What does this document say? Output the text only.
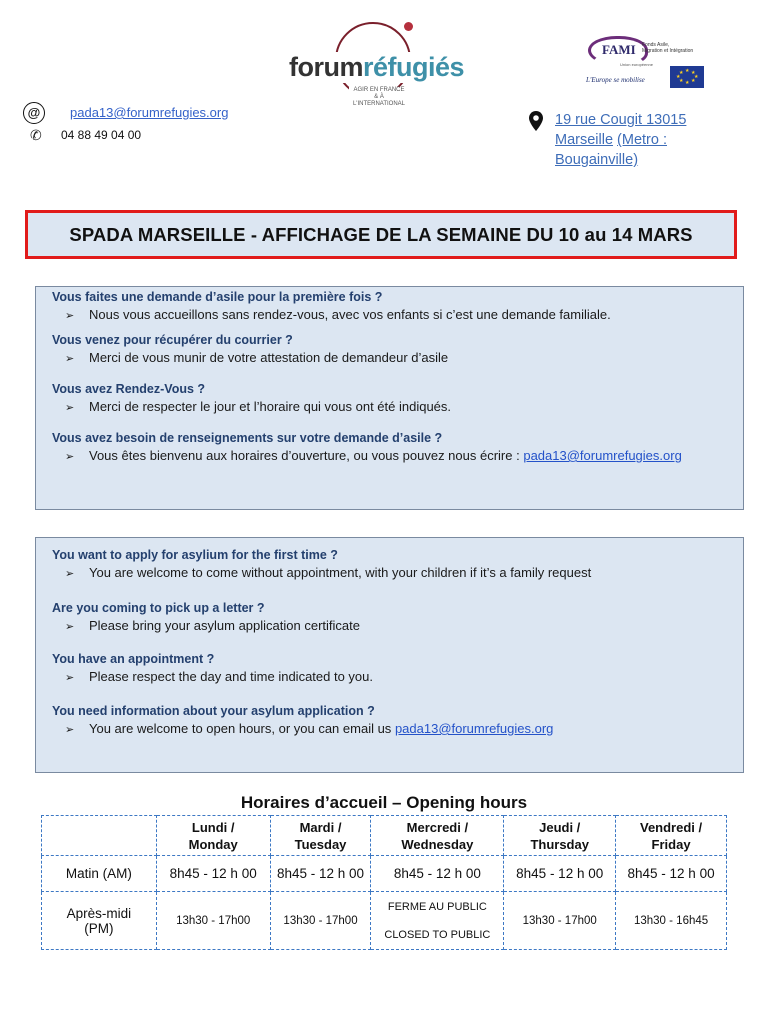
forumréfugiés
AGIR EN FRANCE
& À L'INTERNATIONAL
FAMI Fonds Asile,
Migration et Intégration
Union européenne
L'Europe se mobilise
★ ★
★
★
★
★
★
★
@	pada13@forumrefugies.org
✆ 04 88 49 04 00
19 rue Cougit 13015
Marseille (Metro :
Bougainville)
SPADA MARSEILLE - AFFICHAGE DE LA SEMAINE DU 10 au 14 MARS
Vous faites une demande d’asile pour la première fois ?
➢ Nous vous accueillons sans rendez-vous, avec vos enfants si c’est une demande familiale.
Vous venez pour récupérer du courrier ?
➢ Merci de vous munir de votre attestation de demandeur d’asile
Vous avez Rendez-Vous ?
➢ Merci de respecter le jour et l’horaire qui vous ont été indiqués.
Vous avez besoin de renseignements sur votre demande d’asile ?
➢ Vous êtes bienvenu aux horaires d’ouverture, ou vous pouvez nous écrire : pada13@forumrefugies.org
You want to apply for asylium for the first time ?
➢ You are welcome to come without appointment, with your children if it’s a family request
Are you coming to pick up a letter ?
➢ Please bring your asylum application certificate
You have an appointment ?
➢ Please respect the day and time indicated to you.
You need information about your asylum application ?
➢ You are welcome to open hours, or you can email us pada13@forumrefugies.org
Horaires d’accueil – Opening hours
	Lundi /
Monday	Mardi /
Tuesday	Mercredi /
Wednesday	Jeudi /
Thursday	Vendredi /
Friday
Matin (AM)	8h45 - 12 h 00	8h45 - 12 h 00	8h45 - 12 h 00	8h45 - 12 h 00	8h45 - 12 h 00
Après-midi
(PM)	13h30 - 17h00	13h30 - 17h00	FERME AU PUBLIC

CLOSED TO PUBLIC	13h30 - 17h00	13h30 - 16h45
